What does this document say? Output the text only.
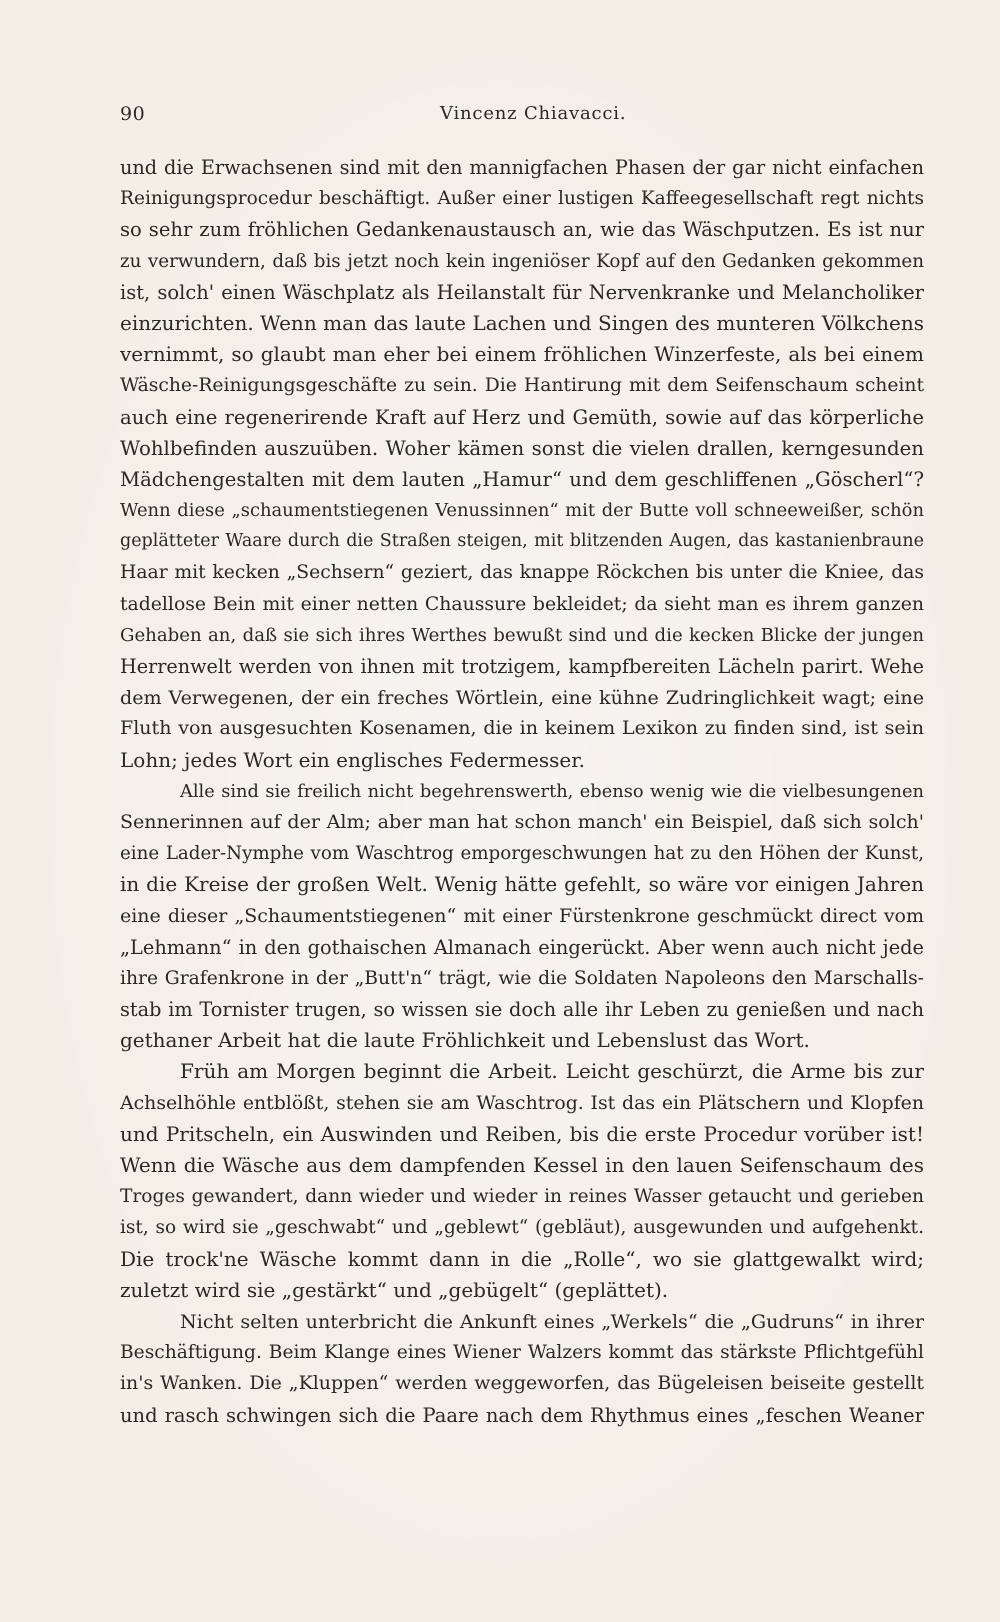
90	Vincenz Chiavacci.
und die Erwachsenen sind mit den mannigfachen Phasen der gar nicht einfachen
Reinigungsprocedur beschäftigt. Außer einer lustigen Kaffeegesellschaft regt nichts
so sehr zum fröhlichen Gedankenaustausch an, wie das Wäschputzen. Es ist nur
zu verwundern, daß bis jetzt noch kein ingeniöser Kopf auf den Gedanken gekommen
ist, solch' einen Wäschplatz als Heilanstalt für Nervenkranke und Melancholiker
einzurichten. Wenn man das laute Lachen und Singen des munteren Völkchens
vernimmt, so glaubt man eher bei einem fröhlichen Winzerfeste, als bei einem
Wäsche-Reinigungsgeschäfte zu sein. Die Hantirung mit dem Seifenschaum scheint
auch eine regenerirende Kraft auf Herz und Gemüth, sowie auf das körperliche
Wohlbefinden auszuüben. Woher kämen sonst die vielen drallen, kerngesunden
Mädchengestalten mit dem lauten „Hamur“ und dem geschliffenen „Göscherl“?
Wenn diese „schaumentstiegenen Venussinnen“ mit der Butte voll schneeweißer, schön
geplätteter Waare durch die Straßen steigen, mit blitzenden Augen, das kastanienbraune
Haar mit kecken „Sechsern“ geziert, das knappe Röckchen bis unter die Kniee, das
tadellose Bein mit einer netten Chaussure bekleidet; da sieht man es ihrem ganzen
Gehaben an, daß sie sich ihres Werthes bewußt sind und die kecken Blicke der jungen
Herrenwelt werden von ihnen mit trotzigem, kampfbereiten Lächeln parirt. Wehe
dem Verwegenen, der ein freches Wörtlein, eine kühne Zudringlichkeit wagt; eine
Fluth von ausgesuchten Kosenamen, die in keinem Lexikon zu finden sind, ist sein
Lohn; jedes Wort ein englisches Federmesser.
Alle sind sie freilich nicht begehrenswerth, ebenso wenig wie die vielbesungenen
Sennerinnen auf der Alm; aber man hat schon manch' ein Beispiel, daß sich solch'
eine Lader-Nymphe vom Waschtrog emporgeschwungen hat zu den Höhen der Kunst,
in die Kreise der großen Welt. Wenig hätte gefehlt, so wäre vor einigen Jahren
eine dieser „Schaumentstiegenen“ mit einer Fürstenkrone geschmückt direct vom
„Lehmann“ in den gothaischen Almanach eingerückt. Aber wenn auch nicht jede
ihre Grafenkrone in der „Butt'n“ trägt, wie die Soldaten Napoleons den Marschalls-
stab im Tornister trugen, so wissen sie doch alle ihr Leben zu genießen und nach
gethaner Arbeit hat die laute Fröhlichkeit und Lebenslust das Wort.
Früh am Morgen beginnt die Arbeit. Leicht geschürzt, die Arme bis zur
Achselhöhle entblößt, stehen sie am Waschtrog. Ist das ein Plätschern und Klopfen
und Pritscheln, ein Auswinden und Reiben, bis die erste Procedur vorüber ist!
Wenn die Wäsche aus dem dampfenden Kessel in den lauen Seifenschaum des
Troges gewandert, dann wieder und wieder in reines Wasser getaucht und gerieben
ist, so wird sie „geschwabt“ und „geblewt“ (gebläut), ausgewunden und aufgehenkt.
Die trock'ne Wäsche kommt dann in die „Rolle“, wo sie glattgewalkt wird;
zuletzt wird sie „gestärkt“ und „gebügelt“ (geplättet).
Nicht selten unterbricht die Ankunft eines „Werkels“ die „Gudruns“ in ihrer
Beschäftigung. Beim Klange eines Wiener Walzers kommt das stärkste Pflichtgefühl
in's Wanken. Die „Kluppen“ werden weggeworfen, das Bügeleisen beiseite gestellt
und rasch schwingen sich die Paare nach dem Rhythmus eines „feschen Weaner
